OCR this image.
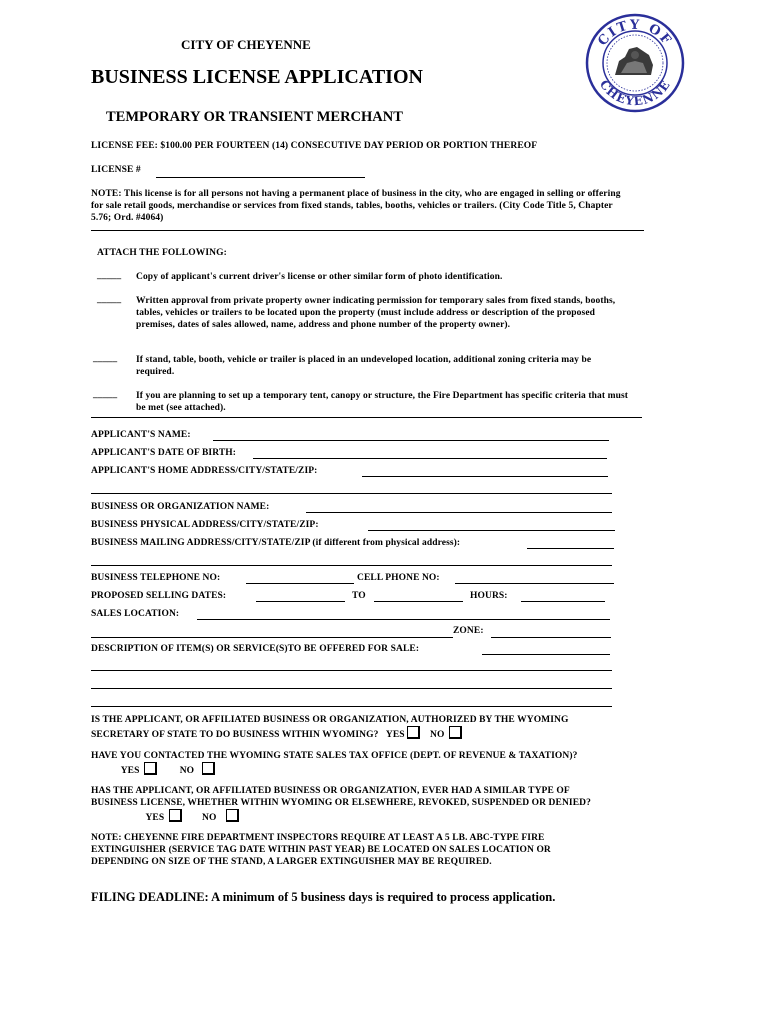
CITY OF CHEYENNE
BUSINESS LICENSE APPLICATION
TEMPORARY OR TRANSIENT MERCHANT
CITY OF
CHEYENNE
LICENSE FEE: $100.00 PER FOURTEEN (14) CONSECUTIVE DAY PERIOD OR PORTION THEREOF
LICENSE #
NOTE: This license is for all persons not having a permanent place of business in the city, who are engaged in selling or offering for sale retail goods, merchandise or services from fixed stands, tables, booths, vehicles or trailers. (City Code Title 5, Chapter 5.76; Ord. #4064)
ATTACH THE FOLLOWING:
_____ Copy of applicant's current driver's license or other similar form of photo identification.
_____ Written approval from private property owner indicating permission for temporary sales from fixed stands, booths, tables, vehicles or trailers to be located upon the property (must include address or description of the proposed premises, dates of sales allowed, name, address and phone number of the property owner).
_____ If stand, table, booth, vehicle or trailer is placed in an undeveloped location, additional zoning criteria may be required.
_____ If you are planning to set up a temporary tent, canopy or structure, the Fire Department has specific criteria that must be met (see attached).
APPLICANT'S NAME:
APPLICANT'S DATE OF BIRTH:
APPLICANT'S HOME ADDRESS/CITY/STATE/ZIP:
BUSINESS OR ORGANIZATION NAME:
BUSINESS PHYSICAL ADDRESS/CITY/STATE/ZIP:
BUSINESS MAILING ADDRESS/CITY/STATE/ZIP (if different from physical address):
BUSINESS TELEPHONE NO:	CELL PHONE NO:
PROPOSED SELLING DATES:	TO	HOURS:
SALES LOCATION:
ZONE:
DESCRIPTION OF ITEM(S) OR SERVICE(S)TO BE OFFERED FOR SALE:
IS THE APPLICANT, OR AFFILIATED BUSINESS OR ORGANIZATION, AUTHORIZED BY THE WYOMING SECRETARY OF STATE TO DO BUSINESS WITHIN WYOMING? YES	NO
HAVE YOU CONTACTED THE WYOMING STATE SALES TAX OFFICE (DEPT. OF REVENUE & TAXATION)?             YES	NO
HAS THE APPLICANT, OR AFFILIATED BUSINESS OR ORGANIZATION, EVER HAD A SIMILAR TYPE OF BUSINESS LICENSE, WHETHER WITHIN WYOMING OR ELSEWHERE, REVOKED, SUSPENDED OR DENIED?                       YES	NO
NOTE: CHEYENNE FIRE DEPARTMENT INSPECTORS REQUIRE AT LEAST A 5 LB. ABC-TYPE FIRE EXTINGUISHER (SERVICE TAG DATE WITHIN PAST YEAR) BE LOCATED ON SALES LOCATION OR DEPENDING ON SIZE OF THE STAND, A LARGER EXTINGUISHER MAY BE REQUIRED.
FILING DEADLINE: A minimum of 5 business days is required to process application.
